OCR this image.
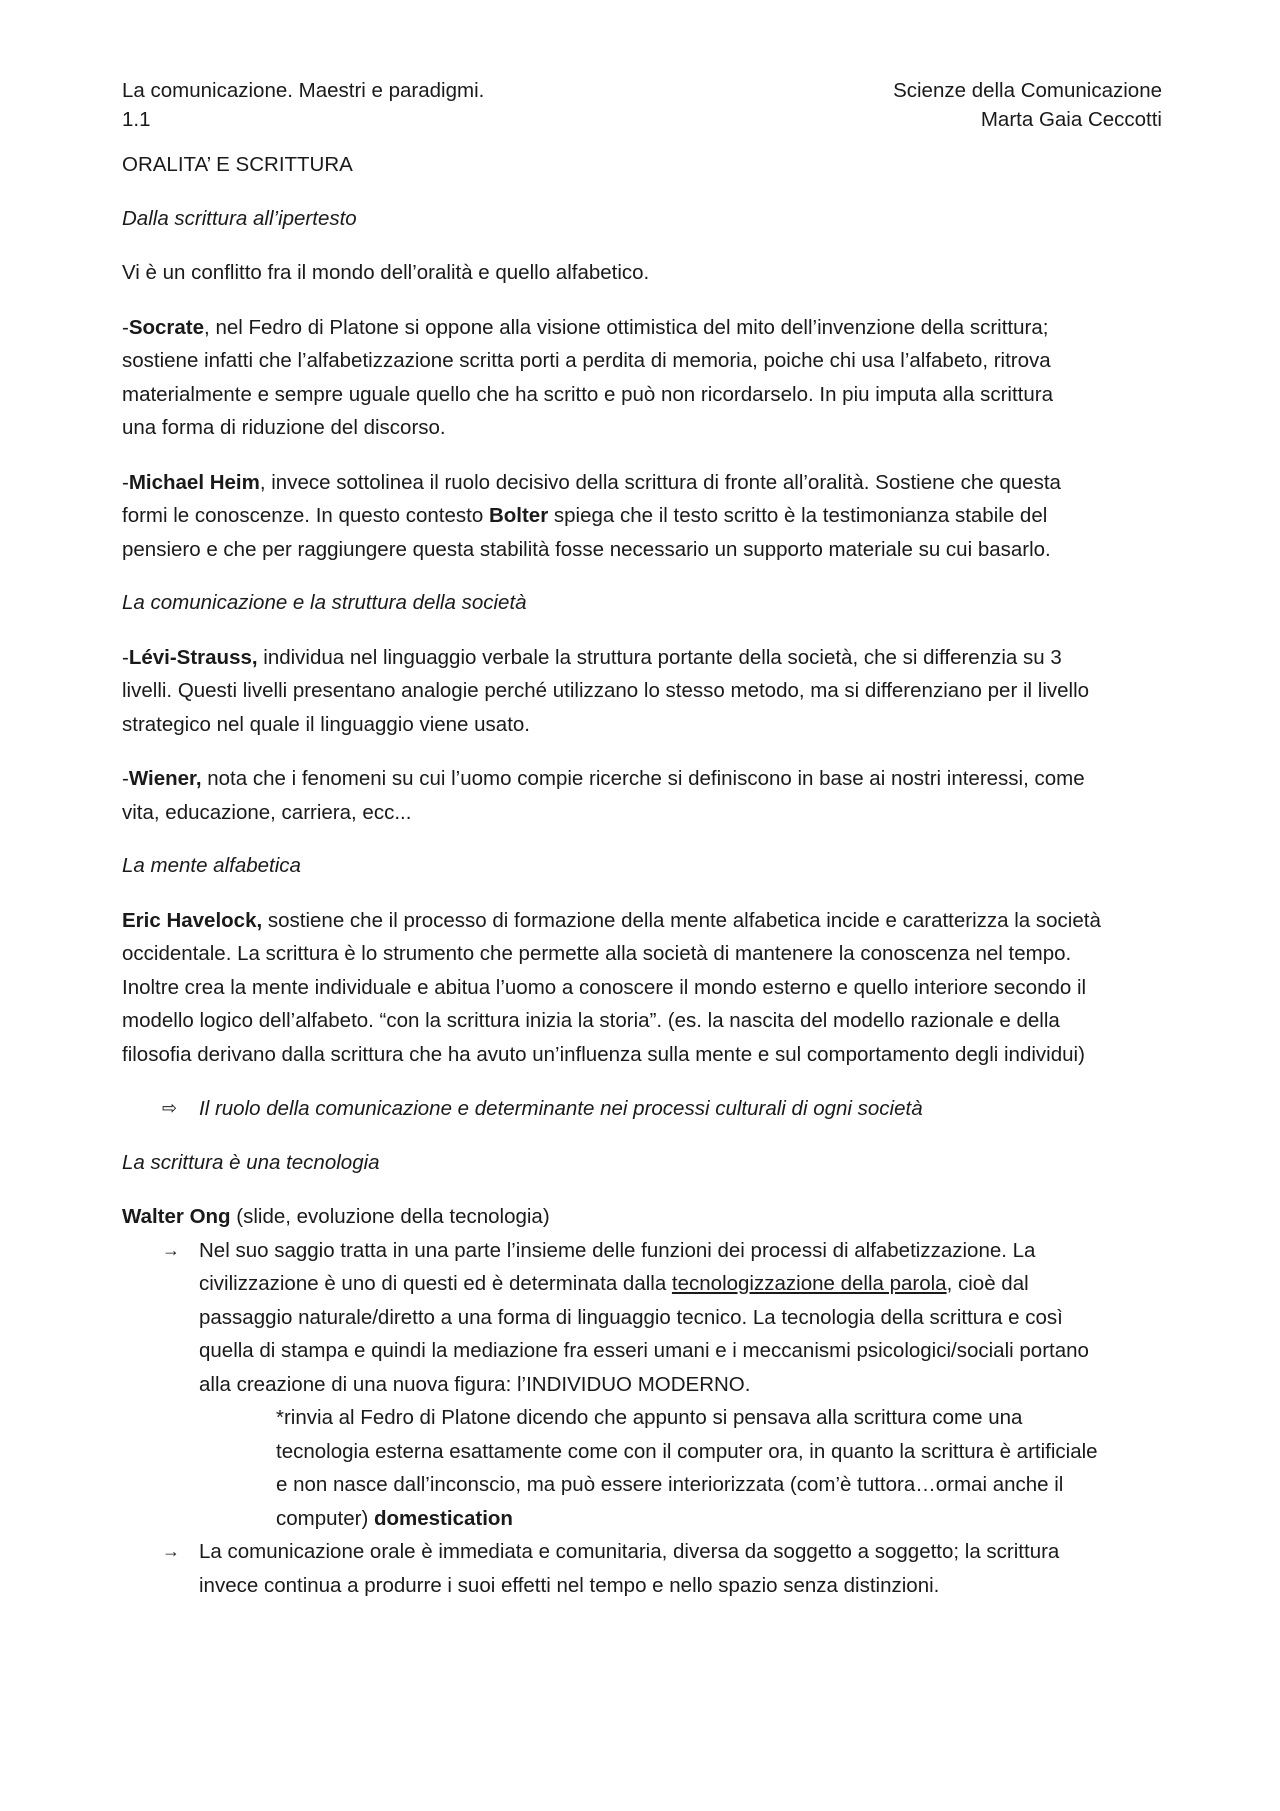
La comunicazione. Maestri e paradigmi.
1.1
Scienze della Comunicazione
Marta Gaia Ceccotti
ORALITA’ E SCRITTURA
Dalla scrittura all’ipertesto
Vi è un conflitto fra il mondo dell’oralità e quello alfabetico.
-Socrate, nel Fedro di Platone si oppone alla visione ottimistica del mito dell’invenzione della scrittura;
sostiene infatti che l’alfabetizzazione scritta porti a perdita di memoria, poiche chi usa l’alfabeto, ritrova
materialmente e sempre uguale quello che ha scritto e può non ricordarselo. In piu imputa alla scrittura
una forma di riduzione del discorso.
-Michael Heim, invece sottolinea il ruolo decisivo della scrittura di fronte all’oralità. Sostiene che questa
formi le conoscenze. In questo contesto Bolter spiega che il testo scritto è la testimonianza stabile del
pensiero e che per raggiungere questa stabilità fosse necessario un supporto materiale su cui basarlo.
La comunicazione e la struttura della società
-Lévi-Strauss, individua nel linguaggio verbale la struttura portante della società, che si differenzia su 3
livelli. Questi livelli presentano analogie perché utilizzano lo stesso metodo, ma si differenziano per il livello
strategico nel quale il linguaggio viene usato.
-Wiener, nota che i fenomeni su cui l’uomo compie ricerche si definiscono in base ai nostri interessi, come
vita, educazione, carriera, ecc...
La mente alfabetica
Eric Havelock, sostiene che il processo di formazione della mente alfabetica incide e caratterizza la società
occidentale. La scrittura è lo strumento che permette alla società di mantenere la conoscenza nel tempo.
Inoltre crea la mente individuale e abitua l’uomo a conoscere il mondo esterno e quello interiore secondo il
modello logico dell’alfabeto. “con la scrittura inizia la storia”. (es. la nascita del modello razionale e della
filosofia derivano dalla scrittura che ha avuto un’influenza sulla mente e sul comportamento degli individui)
⇨ Il ruolo della comunicazione e determinante nei processi culturali di ogni società
La scrittura è una tecnologia
Walter Ong (slide, evoluzione della tecnologia)
→ Nel suo saggio tratta in una parte l’insieme delle funzioni dei processi di alfabetizzazione. La
civilizzazione è uno di questi ed è determinata dalla tecnologizzazione della parola, cioè dal
passaggio naturale/diretto a una forma di linguaggio tecnico. La tecnologia della scrittura e così
quella di stampa e quindi la mediazione fra esseri umani e i meccanismi psicologici/sociali portano
alla creazione di una nuova figura: l’INDIVIDUO MODERNO.
*rinvia al Fedro di Platone dicendo che appunto si pensava alla scrittura come una
tecnologia esterna esattamente come con il computer ora, in quanto la scrittura è artificiale
e non nasce dall’inconscio, ma può essere interiorizzata (com’è tuttora…ormai anche il
computer) domestication
→ La comunicazione orale è immediata e comunitaria, diversa da soggetto a soggetto; la scrittura
invece continua a produrre i suoi effetti nel tempo e nello spazio senza distinzioni.
